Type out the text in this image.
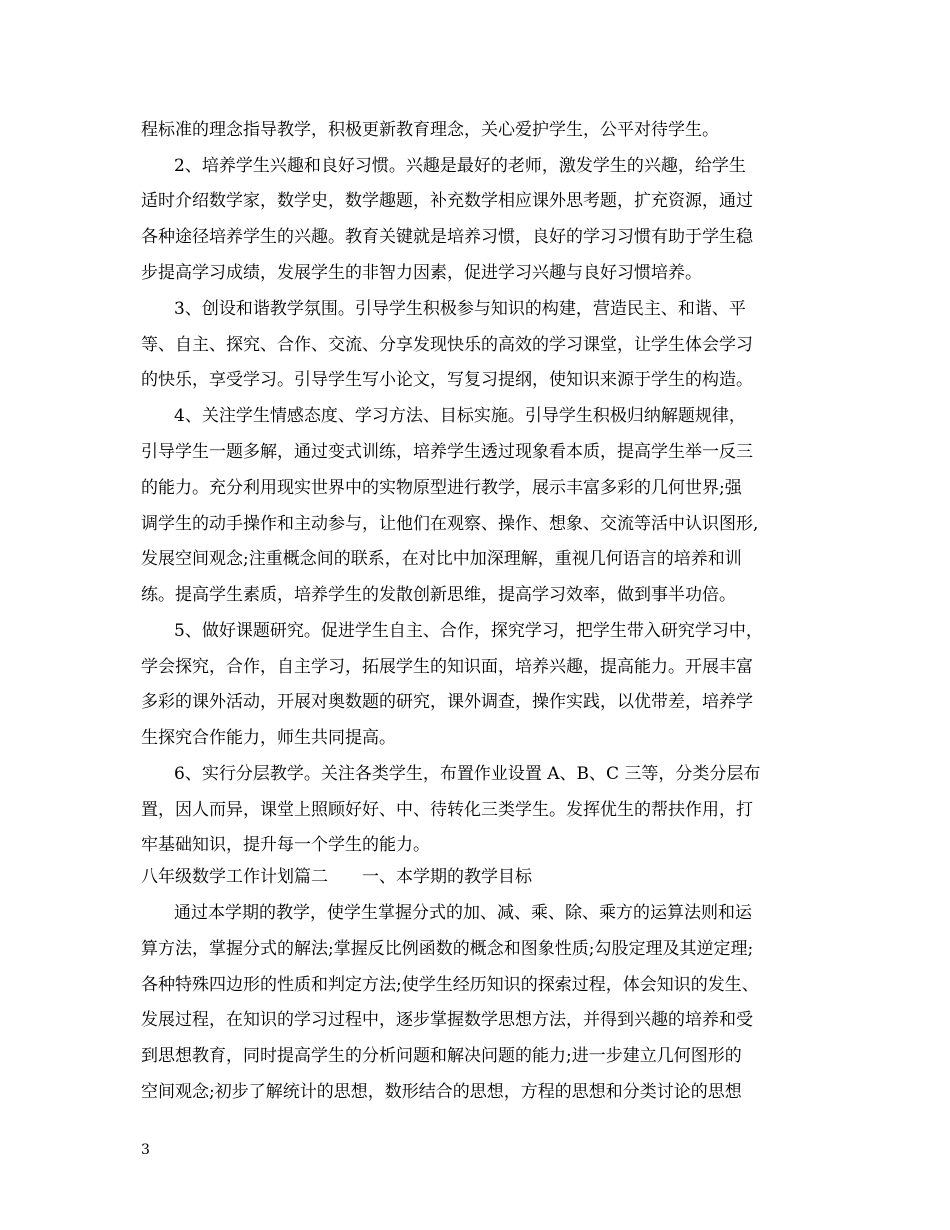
程标准的理念指导教学，积极更新教育理念，关心爱护学生，公平对待学生。
2、培养学生兴趣和良好习惯。兴趣是最好的老师，激发学生的兴趣，给学生
适时介绍数学家，数学史，数学趣题，补充数学相应课外思考题，扩充资源，通过
各种途径培养学生的兴趣。教育关键就是培养习惯，良好的学习习惯有助于学生稳
步提高学习成绩，发展学生的非智力因素，促进学习兴趣与良好习惯培养。
3、创设和谐教学氛围。引导学生积极参与知识的构建，营造民主、和谐、平
等、自主、探究、合作、交流、分享发现快乐的高效的学习课堂，让学生体会学习
的快乐，享受学习。引导学生写小论文，写复习提纲，使知识来源于学生的构造。
4、关注学生情感态度、学习方法、目标实施。引导学生积极归纳解题规律，
引导学生一题多解，通过变式训练，培养学生透过现象看本质，提高学生举一反三
的能力。充分利用现实世界中的实物原型进行教学，展示丰富多彩的几何世界;强
调学生的动手操作和主动参与，让他们在观察、操作、想象、交流等活中认识图形,
发展空间观念;注重概念间的联系，在对比中加深理解，重视几何语言的培养和训
练。提高学生素质，培养学生的发散创新思维，提高学习效率，做到事半功倍。
5、做好课题研究。促进学生自主、合作，探究学习，把学生带入研究学习中，
学会探究，合作，自主学习，拓展学生的知识面，培养兴趣，提高能力。开展丰富
多彩的课外活动，开展对奥数题的研究，课外调查，操作实践，以优带差，培养学
生探究合作能力，师生共同提高。
6、实行分层教学。关注各类学生，布置作业设置 A、B、C 三等，分类分层布
置，因人而异，课堂上照顾好好、中、待转化三类学生。发挥优生的帮扶作用，打
牢基础知识，提升每一个学生的能力。
八年级数学工作计划篇二　　一、本学期的教学目标
通过本学期的教学，使学生掌握分式的加、减、乘、除、乘方的运算法则和运
算方法，掌握分式的解法;掌握反比例函数的概念和图象性质;勾股定理及其逆定理;
各种特殊四边形的性质和判定方法;使学生经历知识的探索过程，体会知识的发生、
发展过程，在知识的学习过程中，逐步掌握数学思想方法，并得到兴趣的培养和受
到思想教育，同时提高学生的分析问题和解决问题的能力;进一步建立几何图形的
空间观念;初步了解统计的思想，数形结合的思想，方程的思想和分类讨论的思想
3
